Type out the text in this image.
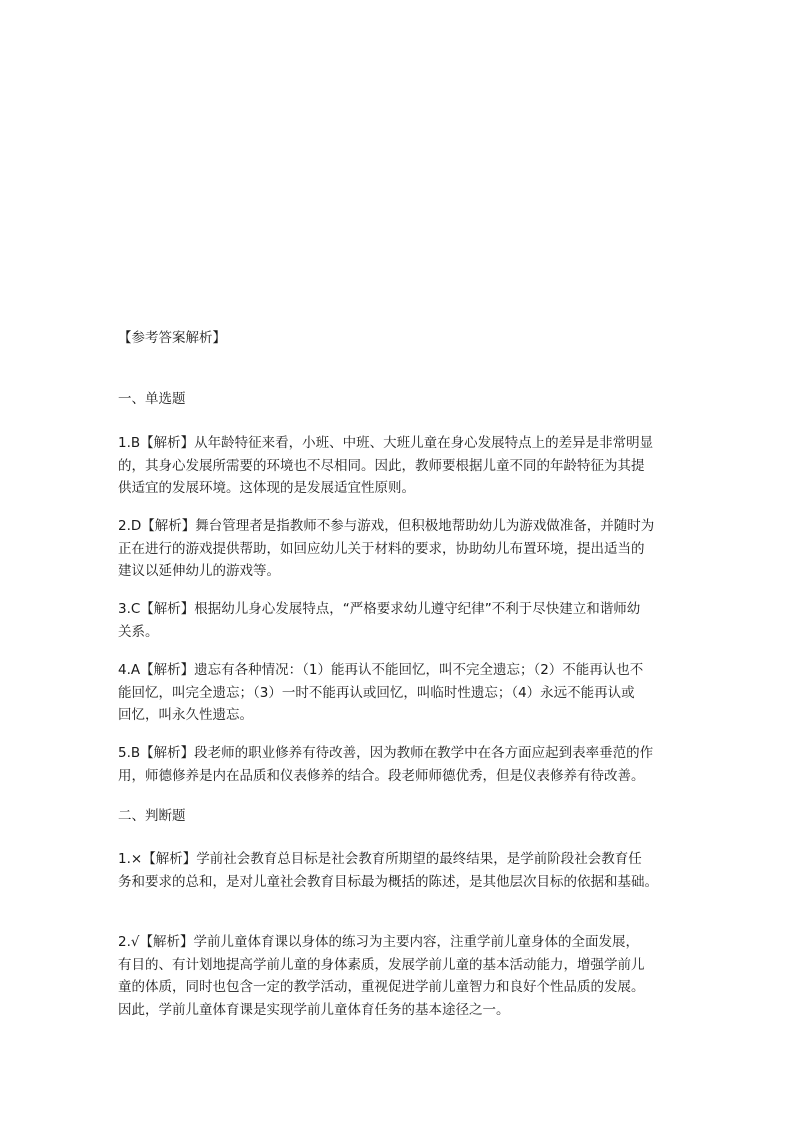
【参考答案解析】

一、单选题

1.B【解析】从年龄特征来看，小班、中班、大班儿童在身心发展特点上的差异是非常明显
的，其身心发展所需要的环境也不尽相同。因此，教师要根据儿童不同的年龄特征为其提
供适宜的发展环境。这体现的是发展适宜性原则。
2.D【解析】舞台管理者是指教师不参与游戏，但积极地帮助幼儿为游戏做准备，并随时为
正在进行的游戏提供帮助，如回应幼儿关于材料的要求，协助幼儿布置环境，提出适当的
建议以延伸幼儿的游戏等。
3.C【解析】根据幼儿身心发展特点，“严格要求幼儿遵守纪律”不利于尽快建立和谐师幼
关系。
4.A【解析】遗忘有各种情况：（1）能再认不能回忆，叫不完全遗忘；（2）不能再认也不
能回忆，叫完全遗忘；（3）一时不能再认或回忆，叫临时性遗忘；（4）永远不能再认或
回忆，叫永久性遗忘。
5.B【解析】段老师的职业修养有待改善，因为教师在教学中在各方面应起到表率垂范的作
用，师德修养是内在品质和仪表修养的结合。段老师师德优秀，但是仪表修养有待改善。

二、判断题

1.×【解析】学前社会教育总目标是社会教育所期望的最终结果，是学前阶段社会教育任
务和要求的总和，是对儿童社会教育目标最为概括的陈述，是其他层次目标的依据和基础。
2.√【解析】学前儿童体育课以身体的练习为主要内容，注重学前儿童身体的全面发展，
有目的、有计划地提高学前儿童的身体素质，发展学前儿童的基本活动能力，增强学前儿
童的体质，同时也包含一定的教学活动，重视促进学前儿童智力和良好个性品质的发展。
因此，学前儿童体育课是实现学前儿童体育任务的基本途径之一。
